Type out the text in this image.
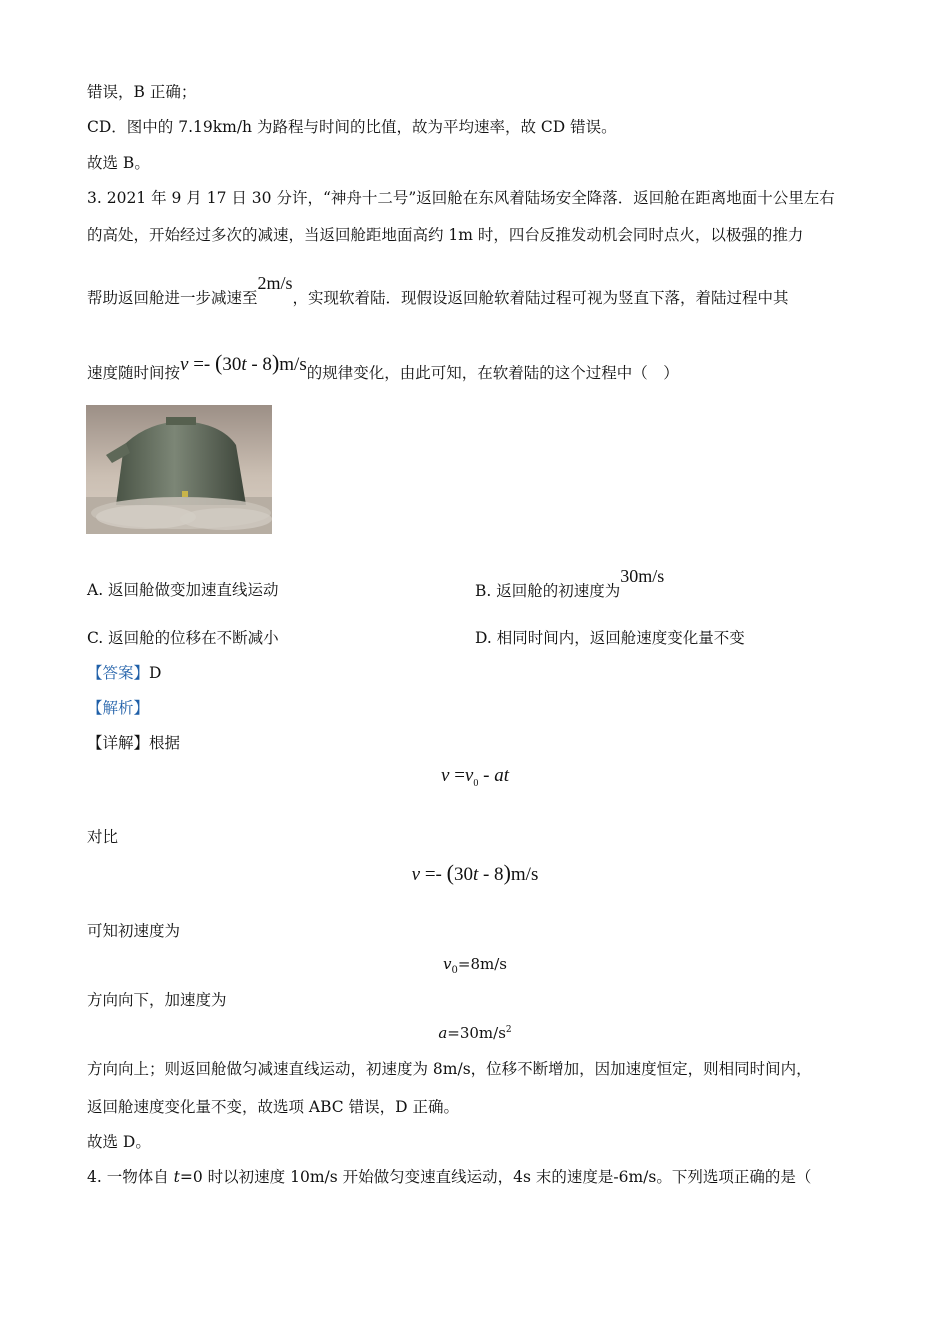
错误，B 正确；
CD．图中的 7.19km/h 为路程与时间的比值，故为平均速率，故 CD 错误。
故选 B。
3. 2021 年 9 月 17 日 30 分许，“神舟十二号”返回舱在东风着陆场安全降落．返回舱在距离地面十公里左右
的高处，开始经过多次的减速，当返回舱距地面高约 1m 时，四台反推发动机会同时点火，以极强的推力
帮助返回舱进一步减速至2m/s，实现软着陆．现假设返回舱软着陆过程可视为竖直下落，着陆过程中其
速度随时间按v =- (30t - 8)m/s的规律变化，由此可知，在软着陆的这个过程中（　）
A. 返回舱做变加速直线运动	B. 返回舱的初速度为30m/s
C. 返回舱的位移在不断减小	D. 相同时间内，返回舱速度变化量不变
【答案】D
【解析】
【详解】根据
$v =v_0$ - at
对比
v =- (30t - 8)m/s
可知初速度为
$v_0=8m/s$
方向向下，加速度为
$a=30m/s^2$
方向向上；则返回舱做匀减速直线运动，初速度为 8m/s，位移不断增加，因加速度恒定，则相同时间内，
返回舱速度变化量不变，故选项 ABC 错误，D 正确。
故选 D。
4. 一物体自 t=0 时以初速度 10m/s 开始做匀变速直线运动，4s 末的速度是-6m/s。下列选项正确的是（
